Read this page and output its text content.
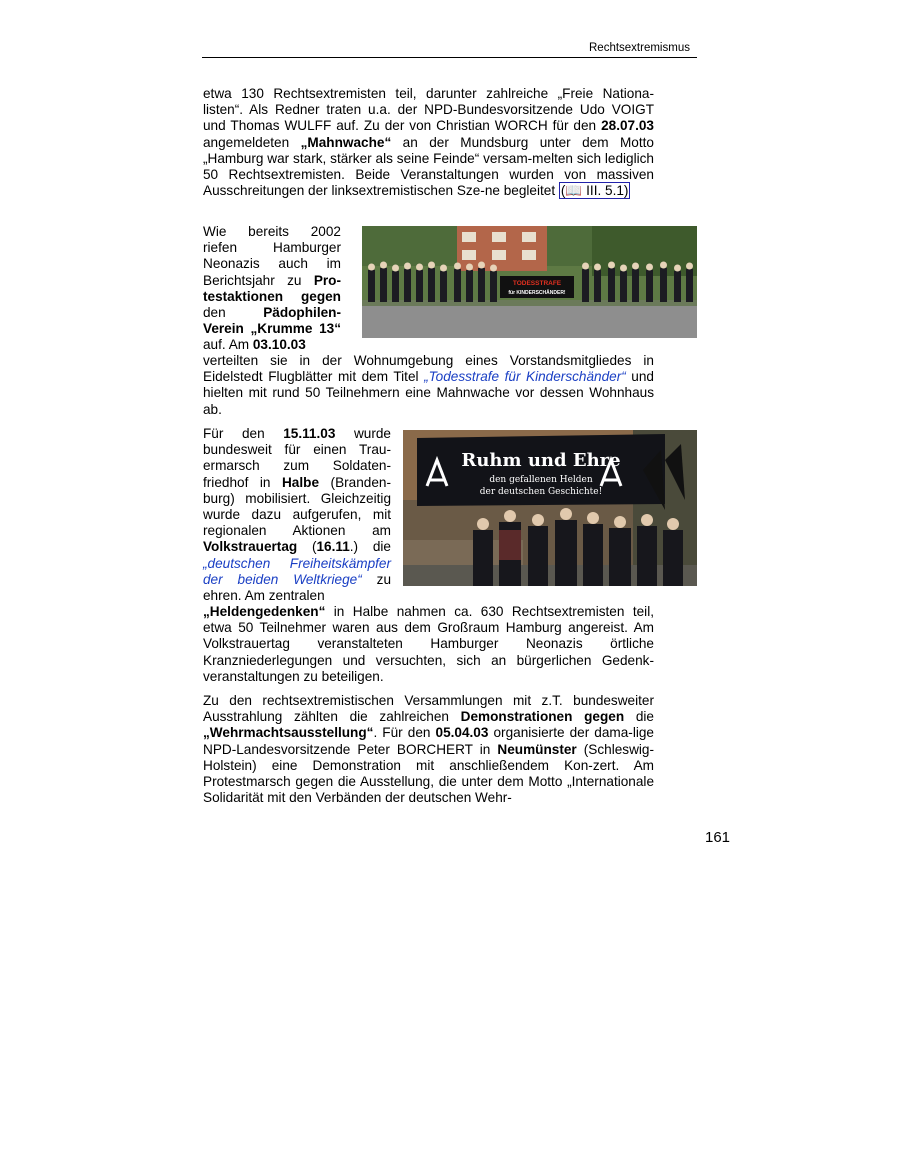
Rechtsextremismus
etwa 130 Rechtsextremisten teil, darunter zahlreiche „Freie Nationa-listen“. Als Redner traten u.a. der NPD-Bundesvorsitzende Udo VOIGT und Thomas WULFF auf. Zu der von Christian WORCH für den 28.07.03 angemeldeten „Mahnwache“ an der Mundsburg unter dem Motto „Hamburg war stark, stärker als seine Feinde“ versam-melten sich lediglich 50 Rechtsextremisten. Beide Veranstaltungen wurden von massiven Ausschreitungen der linksextremistischen Sze-ne begleitet (📖 III. 5.1)
Wie bereits 2002 riefen Hamburger Neonazis auch im Berichtsjahr zu Pro-testaktionen gegen den Pädophilen-Verein „Krumme 13“ auf. Am 03.10.03
verteilten sie in der Wohnumgebung eines Vorstandsmitgliedes in Eidelstedt Flugblätter mit dem Titel „Todesstrafe für Kinderschänder“ und hielten mit rund 50 Teilnehmern eine Mahnwache vor dessen Wohnhaus ab.
TODESSTRAFE
für KINDERSCHÄNDER!
Für den 15.11.03 wurde bundesweit für einen Trau-ermarsch zum Soldaten-friedhof in Halbe (Branden-burg) mobilisiert. Gleichzeitig wurde dazu aufgerufen, mit regionalen Aktionen am Volkstrauertag (16.11.) die „deutschen Freiheitskämpfer der beiden Weltkriege“ zu ehren. Am zentralen
„Heldengedenken“ in Halbe nahmen ca. 630 Rechtsextremisten teil, etwa 50 Teilnehmer waren aus dem Großraum Hamburg angereist. Am Volkstrauertag veranstalteten Hamburger Neonazis örtliche Kranzniederlegungen und versuchten, sich an bürgerlichen Gedenk-veranstaltungen zu beteiligen.
Ruhm und Ehre
den gefallenen Helden
der deutschen Geschichte!
Zu den rechtsextremistischen Versammlungen mit z.T. bundesweiter Ausstrahlung zählten die zahlreichen Demonstrationen gegen die „Wehrmachtsausstellung“. Für den 05.04.03 organisierte der dama-lige NPD-Landesvorsitzende Peter BORCHERT in Neumünster (Schleswig-Holstein) eine Demonstration mit anschließendem Kon-zert. Am Protestmarsch gegen die Ausstellung, die unter dem Motto „Internationale Solidarität mit den Verbänden der deutschen Wehr-
161
